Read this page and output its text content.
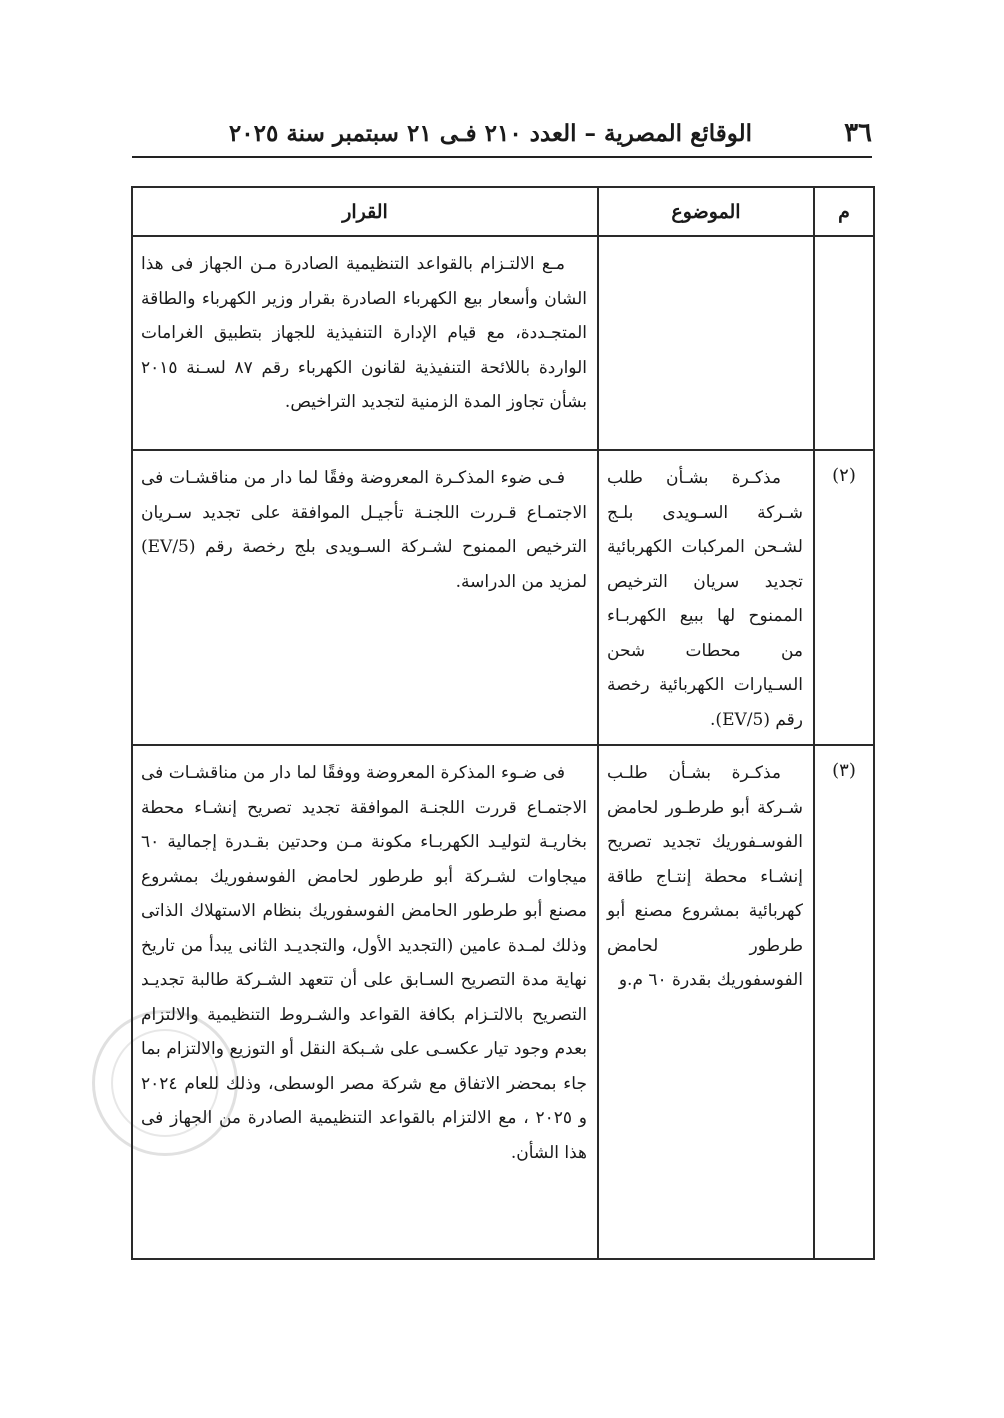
٣٦
الوقائع المصرية – العدد ٢١٠ فـى ٢١ سبتمبر سنة ٢٠٢٥
م	الموضوع	القرار

		مـع الالتـزام بالقواعد التنظيمية الصادرة مـن الجهاز فى هذا الشان وأسعار بيع الكهرباء الصادرة بقرار وزير الكهرباء والطاقة المتجـددة، مع قيام الإدارة التنفيذية للجهاز بتطبيق الغرامات الواردة باللائحة التنفيذية لقانون الكهرباء رقم ٨٧ لسـنة ٢٠١٥ بشأن تجاوز المدة الزمنية لتجديد التراخيص.

(٢)	مذكـرة بشـأن طلب شـركة السـويدى بلـج لشـحن المركبات الكهربائية تجديد سريان الترخيص الممنوح لها ببيع الكهربـاء من محطات شحن السـيارات الكهربائية رخصة رقم (EV/5).	فـى ضوء المذكـرة المعروضة وفقًا لما دار من مناقشـات فى الاجتمـاع قـررت اللجنـة تأجيـل الموافقة على تجديد سـريان الترخيص الممنوح لشـركة السـويدى بلج رخصة رقم (EV/5) لمزيد من الدراسة.

(٣)	مذكـرة بشـأن طلـب شـركة أبو طرطـور لحامض الفوسـفوريك تجديد تصريح إنشـاء محطة إنتـاج طاقة كهربائية بمشروع مصنع أبو طرطور لحامض الفوسفوريك بقدرة ٦٠ م.و	فى ضـوء المذكرة المعروضة ووفقًا لما دار من مناقشـات فى الاجتمـاع قررت اللجنـة الموافقة تجديد تصريح إنشـاء محطة بخاريـة لتوليـد الكهربـاء مكونة مـن وحدتين بقـدرة إجمالية ٦٠ ميجاوات لشـركة أبو طرطور لحامض الفوسفوريك بمشروع مصنع أبو طرطور الحامض الفوسفوريك بنظام الاستهلاك الذاتى وذلك لمـدة عامين (التجديد الأول، والتجديـد الثانى يبدأ من تاريخ نهاية مدة التصريح السـابق على أن تتعهد الشـركة طالبة تجديـد التصريح بالالتـزام بكافة القواعد والشـروط التنظيمية والالتزام بعدم وجود تيار عكسـى على شـبكة النقل أو التوزيع والالتزام بما جاء بمحضر الاتفاق مع شركة مصر الوسطى، وذلك للعام ٢٠٢٤ و ٢٠٢٥ ، مع الالتزام بالقواعد التنظيمية الصادرة من الجهاز فى هذا الشأن.
